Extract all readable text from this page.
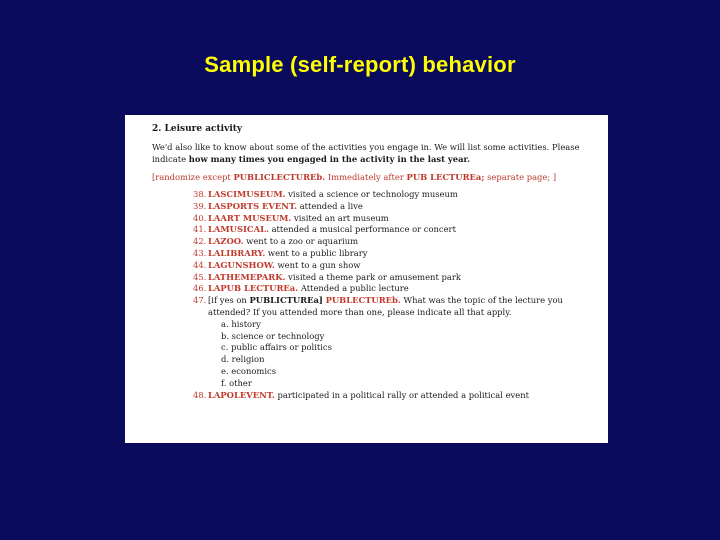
Sample (self-report) behavior
2. Leisure activity
We'd also like to know about some of the activities you engage in. We will list some activities. Please indicate how many times you engaged in the activity in the last year.
[randomize except PUBLICLECTUREb. Immediately after PUB LECTUREa; separate page; ]
38. LASCIMUSEUM. visited a science or technology museum
39. LASPORTS EVENT. attended a live
40. LAART MUSEUM. visited an art museum
41. LAMUSICAL. attended a musical performance or concert
42. LAZOO. went to a zoo or aquarium
43. LALIBRARY. went to a public library
44. LAGUNSHOW. went to a gun show
45. LATHEMEPARK. visited a theme park or amusement park
46. LAPUB LECTUREa. Attended a public lecture
47. [if yes on PUBLICTUREa] PUBLECTUREb. What was the topic of the lecture you attended? If you attended more than one, please indicate all that apply.
a. history
b. science or technology
c. public affairs or politics
d. religion
e. economics
f. other
48. LAPOLEVENT. participated in a political rally or attended a political event
